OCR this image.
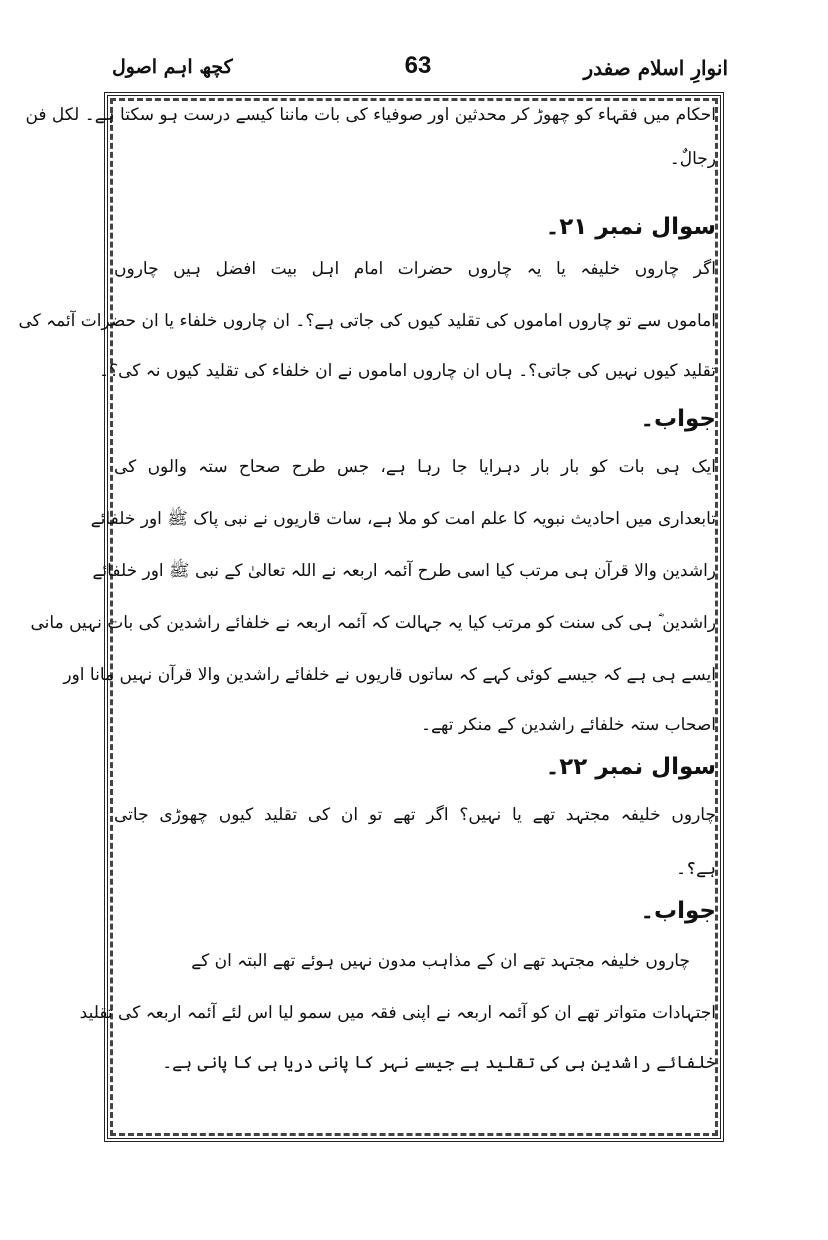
کچھ اہم اصول	63	انوارِ اسلام صفدر
احکام میں فقہاء کو چھوڑ کر محدثین اور صوفیاء کی بات ماننا کیسے درست ہو سکتا ہے۔ لکل فن
رجالٌ۔
سوال نمبر ۲۱۔
اگر چاروں خلیفہ یا یہ چاروں حضرات امام اہل بیت افضل ہیں چاروں
اماموں سے تو چاروں اماموں کی تقلید کیوں کی جاتی ہے؟۔ ان چاروں خلفاء یا ان حضرات آئمہ کی
تقلید کیوں نہیں کی جاتی؟۔ ہاں ان چاروں اماموں نے ان خلفاء کی تقلید کیوں نہ کی؟۔
جواب۔
ایک ہی بات کو بار بار دہرایا جا رہا ہے، جس طرح صحاح ستہ والوں کی
تابعداری میں احادیث نبویہ کا علم امت کو ملا ہے، سات قاریوں نے نبی پاک ﷺ اور خلفائے
راشدین والا قرآن ہی مرتب کیا اسی طرح آئمہ اربعہ نے اللہ تعالیٰ کے نبی ﷺ اور خلفائے
راشدین ؓ ہی کی سنت کو مرتب کیا یہ جہالت کہ آئمہ اربعہ نے خلفائے راشدین کی بات نہیں مانی
ایسے ہی ہے کہ جیسے کوئی کہے کہ ساتوں قاریوں نے خلفائے راشدین والا قرآن نہیں مانا اور
اصحاب ستہ خلفائے راشدین کے منکر تھے۔
سوال نمبر ۲۲۔
چاروں خلیفہ مجتہد تھے یا نہیں؟ اگر تھے تو ان کی تقلید کیوں چھوڑی جاتی
ہے؟۔
جواب۔
چاروں خلیفہ مجتہد تھے ان کے مذاہب مدون نہیں ہوئے تھے البتہ ان کے
اجتہادات متواتر تھے ان کو آئمہ اربعہ نے اپنی فقہ میں سمو لیا اس لئے آئمہ اربعہ کی تقلید
خلفائے راشدین ہی کی تقلید ہے جیسے نہر کا پانی دریا ہی کا پانی ہے۔
